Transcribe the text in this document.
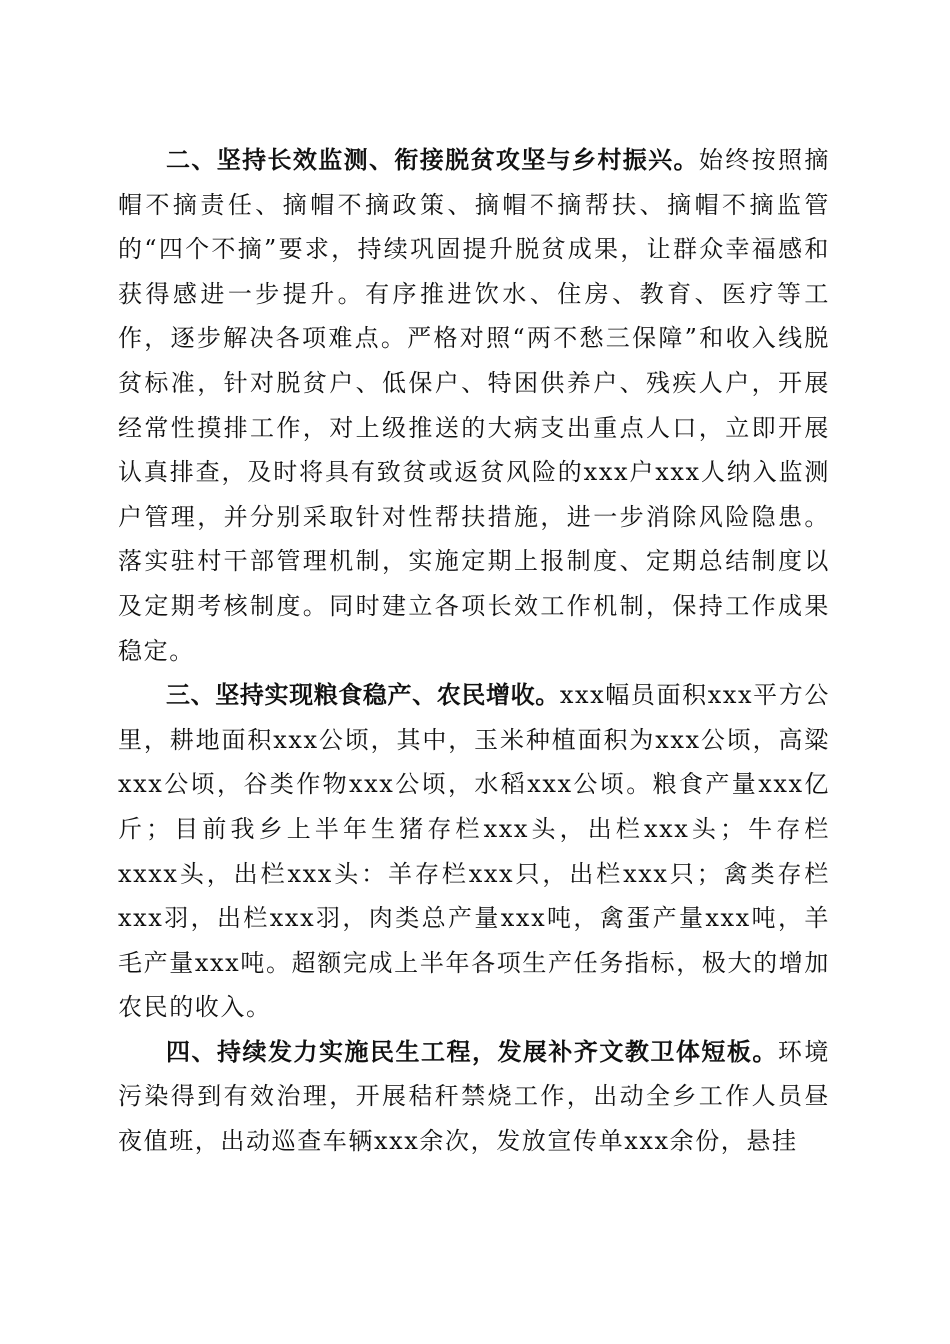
二、坚持长效监测、衔接脱贫攻坚与乡村振兴。始终按照摘帽不摘责任、摘帽不摘政策、摘帽不摘帮扶、摘帽不摘监管的“四个不摘”要求，持续巩固提升脱贫成果，让群众幸福感和获得感进一步提升。有序推进饮水、住房、教育、医疗等工作，逐步解决各项难点。严格对照“两不愁三保障”和收入线脱贫标准，针对脱贫户、低保户、特困供养户、残疾人户，开展经常性摸排工作，对上级推送的大病支出重点人口，立即开展认真排查，及时将具有致贫或返贫风险的xxx户xxx人纳入监测户管理，并分别采取针对性帮扶措施，进一步消除风险隐患。落实驻村干部管理机制，实施定期上报制度、定期总结制度以及定期考核制度。同时建立各项长效工作机制，保持工作成果稳定。

三、坚持实现粮食稳产、农民增收。xxx幅员面积xxx平方公里，耕地面积xxx公顷，其中，玉米种植面积为xxx公顷，高粱xxx公顷，谷类作物xxx公顷，水稻xxx公顷。粮食产量xxx亿斤；目前我乡上半年生猪存栏xxx头，出栏xxx头；牛存栏xxxx头，出栏xxx头：羊存栏xxx只，出栏xxx只；禽类存栏xxx羽，出栏xxx羽，肉类总产量xxx吨，禽蛋产量xxx吨，羊毛产量xxx吨。超额完成上半年各项生产任务指标，极大的增加农民的收入。

四、持续发力实施民生工程，发展补齐文教卫体短板。环境污染得到有效治理，开展秸秆禁烧工作，出动全乡工作人员昼夜值班，出动巡查车辆xxx余次，发放宣传单xxx余份，悬挂
